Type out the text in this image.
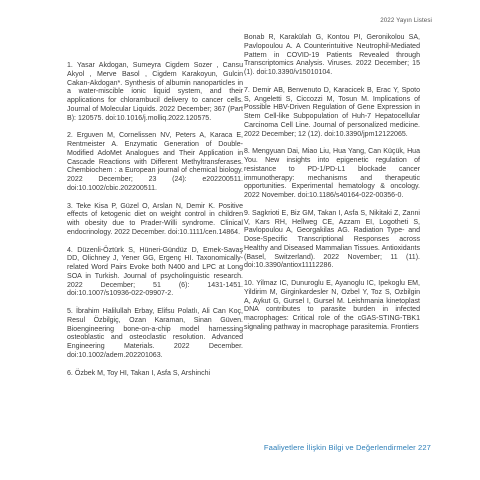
2022 Yayın Listesi

1. Yasar Akdogan, Sumeyra Cigdem Sozer , Cansu Akyol , Merve Basol , Cigdem Karakoyun, Gulcin Cakan-Akdogan*. Synthesis of albumin nanoparticles in a water-miscible ionic liquid system, and their applications for chlorambucil delivery to cancer cells. Journal of Molecular Liquids. 2022 December; 367 (Part B): 120575. doi:10.1016/j.molliq.2022.120575.

2. Erguven M, Cornelissen NV, Peters A, Karaca E, Rentmeister A. Enzymatic Generation of Double-Modified AdoMet Analogues and Their Application in Cascade Reactions with Different Methyltransferases. Chembiochem : a European journal of chemical biology. 2022 December; 23 (24): e202200511. doi:10.1002/cbic.202200511.

3. Teke Kisa P, Güzel O, Arslan N, Demir K. Positive effects of ketogenic diet on weight control in children with obesity due to Prader-Willi syndrome. Clinical endocrinology. 2022 December. doi:10.1111/cen.14864.

4. Düzenli-Öztürk S, Hüneri-Gündüz D, Emek-Savaş DD, Olichney J, Yener GG, Ergenç HI. Taxonomically-related Word Pairs Evoke both N400 and LPC at Long SOA in Turkish. Journal of psycholinguistic research. 2022 December; 51 (6): 1431-1451. doi:10.1007/s10936-022-09907-2.

5. İbrahim Halilullah Erbay, Elifsu Polatlı, Ali Can Koç, Resul Özbilgiç, Ozan Karaman, Sinan Güven. Bioengineering bone-on-a-chip model harnessing osteoblastic and osteoclastic resolution. Advanced Engineering Materials. 2022 December. doi:10.1002/adem.202201063.

6. Özbek M, Toy HI, Takan I, Asfa S, Arshinchi

Bonab R, Karakülah G, Kontou PI, Geronikolou SA, Pavlopoulou A. A Counterintuitive Neutrophil-Mediated Pattern in COVID-19 Patients Revealed through Transcriptomics Analysis. Viruses. 2022 December; 15 (1). doi:10.3390/v15010104.

7. Demir AB, Benvenuto D, Karacicek B, Erac Y, Spoto S, Angeletti S, Ciccozzi M, Tosun M. Implications of Possible HBV-Driven Regulation of Gene Expression in Stem Cell-like Subpopulation of Huh-7 Hepatocellular Carcinoma Cell Line. Journal of personalized medicine. 2022 December; 12 (12). doi:10.3390/jpm12122065.

8. Mengyuan Dai, Miao Liu, Hua Yang, Can Küçük, Hua You. New insights into epigenetic regulation of resistance to PD-1/PD-L1 blockade cancer immunotherapy: mechanisms and therapeutic opportunities. Experimental hematology & oncology. 2022 November. doi:10.1186/s40164-022-00356-0.

9. Sagkrioti E, Biz GM, Takan I, Asfa S, Nikitaki Z, Zanni V, Kars RH, Hellweg CE, Azzam EI, Logotheti S, Pavlopoulou A, Georgakilas AG. Radiation Type- and Dose-Specific Transcriptional Responses across Healthy and Diseased Mammalian Tissues. Antioxidants (Basel, Switzerland). 2022 November; 11 (11). doi:10.3390/antiox11112286.

10. Yilmaz IC, Dunuroglu E, Ayanoglu IC, Ipekoglu EM, Yildirim M, Girginkardesler N, Ozbel Y, Toz S, Ozbilgin A, Aykut G, Gursel I, Gursel M. Leishmania kinetoplast DNA contributes to parasite burden in infected macrophages: Critical role of the cGAS-STING-TBK1 signaling pathway in macrophage parasitemia. Frontiers

Faaliyetlere İlişkin Bilgi ve Değerlendirmeler 227
